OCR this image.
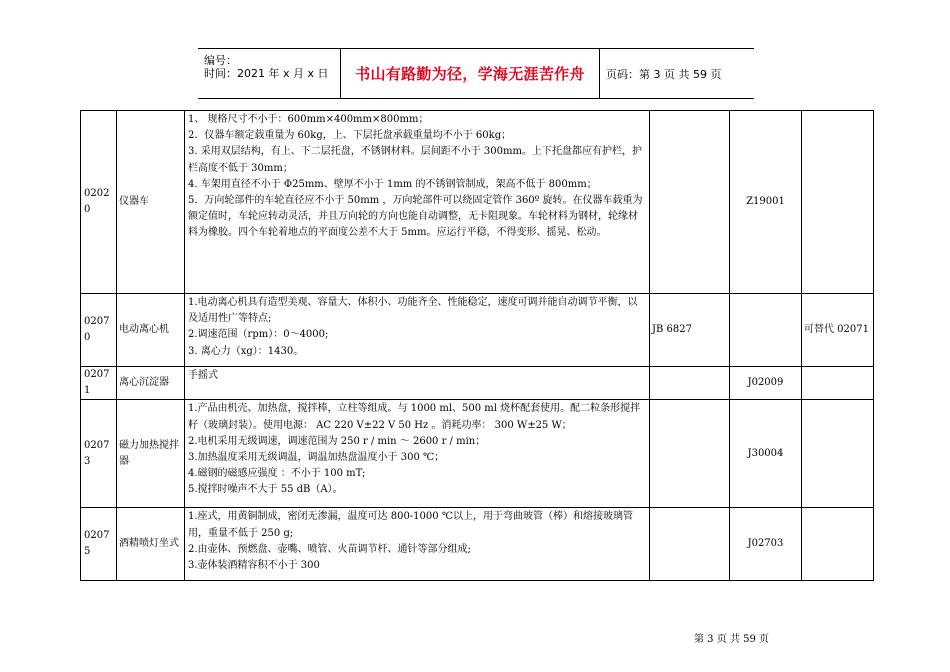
编号：
时间：2021 年 x 月 x 日	书山有路勤为径，学海无涯苦作舟	页码：第 3 页 共 59 页
02020	仪器车	1、 规格尺寸不小于：600mm×400mm×800mm；
2．仪器车额定载重量为 60kg，上、下层托盘承载重量均不小于 60kg；
3. 采用双层结构，有上、下二层托盘，不锈钢材料。层间距不小于 300mm。上下托盘都应有护栏，护栏高度不低于 30mm；
4. 车架用直径不小于 Φ25mm、壁厚不小于 1mm 的不锈钢管制成，架高不低于 800mm；
5．万向轮部件的车轮直径应不小于 50mm ，万向轮部件可以绕固定管作 360º 旋转。在仪器车载重为额定值时，车轮应转动灵活，并且万向轮的方向也能自动调整，无卡阻现象。车轮材料为钢材，轮缘材料为橡胶。四个车轮着地点的平面度公差不大于 5mm。应运行平稳，不得变形、摇晃、松动。		Z19001	
02070	电动离心机	1.电动离心机具有造型美观、容量大、体积小、功能齐全、性能稳定，速度可调并能自动调节平衡，以及适用性广等特点;
2.调速范围（rpm）：0～4000;
3. 离心力（xg）：1430。	JB 6827		可替代 02071
02071	离心沉淀器	手摇式		J02009	
02073	磁力加热搅拌器	1.产品由机壳、加热盘，搅拌棒，立柱等组成。与 1000 ml、500 ml 烧杯配套使用。配二粒条形搅拌籽（玻璃封装）。使用电源： AC 220 V±22 V 50 Hz 。消耗功率： 300 W±25 W；
2.电机采用无级调速，调速范围为 250 r / min ～ 2600 r / min；
3.加热温度采用无级调温，调温加热盘温度小于 300 ℃；
4.磁钢的磁感应强度 ：不小于 100 mT;
5.搅拌时噪声不大于 55 dB（A）。		J30004	
02075	酒精喷灯坐式	1.座式，用黄铜制成，密闭无渗漏，温度可达 800-1000 ℃以上，用于弯曲玻管（棒）和熔接玻璃管用，重量不低于 250 g;
2.由壶体、预燃盘、壶嘴、喷管、火苗调节杆、通针等部分组成;
3.壶体装酒精容积不小于 300		J02703	
第 3 页 共 59 页
